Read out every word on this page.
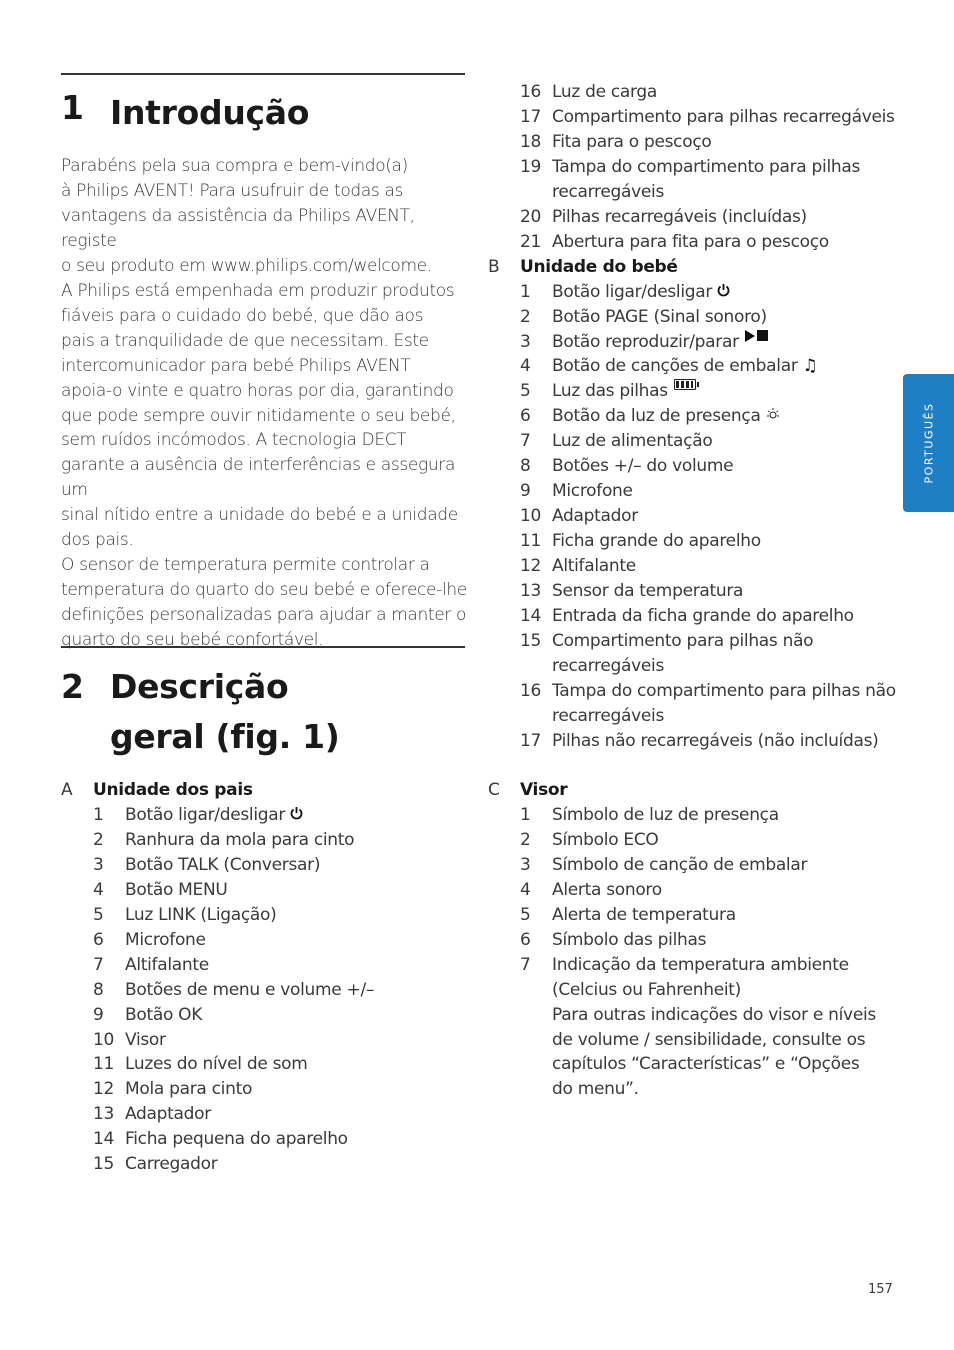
1 Introdução

Parabéns pela sua compra e bem-vindo(a)

à Philips AVENT! Para usufruir de todas as

vantagens da assistência da Philips AVENT, registe

o seu produto em www.philips.com/welcome.

A Philips está empenhada em produzir produtos

fiáveis para o cuidado do bebé, que dão aos

pais a tranquilidade de que necessitam. Este

intercomunicador para bebé Philips AVENT

apoia-o vinte e quatro horas por dia, garantindo

que pode sempre ouvir nitidamente o seu bebé,

sem ruídos incómodos. A tecnologia DECT

garante a ausência de interferências e assegura um

sinal nítido entre a unidade do bebé e a unidade

dos pais.

O sensor de temperatura permite controlar a

temperatura do quarto do seu bebé e oferece-lhe

definições personalizadas para ajudar a manter o

quarto do seu bebé confortável.

2 Descrição
geral (fig. 1)
A	Unidade dos pais
1	Botão ligar/desligar
2	Ranhura da mola para cinto
3	Botão TALK (Conversar)
4	Botão MENU
5	Luz LINK (Ligação)
6	Microfone
7	Altifalante
8	Botões de menu e volume +/–
9	Botão OK
10 Visor
11 Luzes do nível de som
12 Mola para cinto
13 Adaptador
14 Ficha pequena do aparelho
15 Carregador
16 Luz de carga
17 Compartimento para pilhas recarregáveis
18 Fita para o pescoço
19 Tampa do compartimento para pilhas
recarregáveis
20 Pilhas recarregáveis (incluídas)
21 Abertura para fita para o pescoço
B	Unidade do bebé
1	Botão ligar/desligar
2	Botão PAGE (Sinal sonoro)
3	Botão reproduzir/parar
4	Botão de canções de embalar ♫
5	Luz das pilhas
6	Botão da luz de presença
7	Luz de alimentação
8	Botões +/– do volume
9	Microfone
10 Adaptador
11 Ficha grande do aparelho
12 Altifalante
13 Sensor da temperatura
14 Entrada da ficha grande do aparelho
15 Compartimento para pilhas não
recarregáveis
16 Tampa do compartimento para pilhas não
recarregáveis
17 Pilhas não recarregáveis (não incluídas)
C	Visor
1	Símbolo de luz de presença
2	Símbolo ECO
3	Símbolo de canção de embalar
4	Alerta sonoro
5	Alerta de temperatura
6	Símbolo das pilhas
7	Indicação da temperatura ambiente
(Celcius ou Fahrenheit)
Para outras indicações do visor e níveis
de volume / sensibilidade, consulte os
capítulos “Características” e “Opções
do menu”.
PORTUGUÊS
157
